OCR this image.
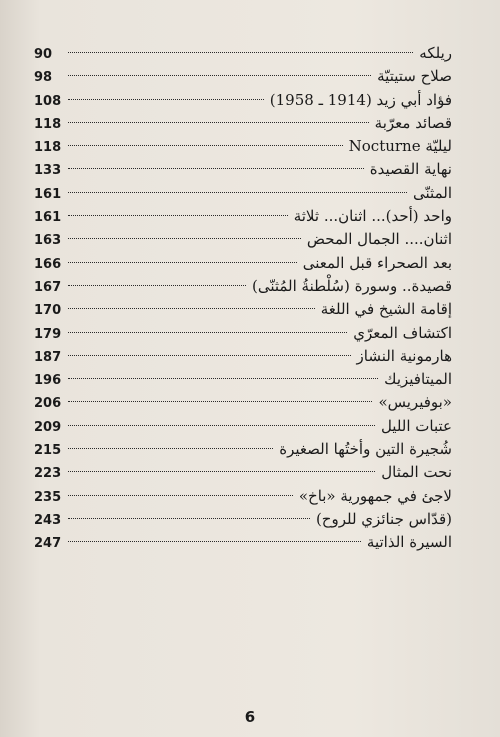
ريلكه
90
صلاح ستيتيّة
98
فؤاد أبي زيد (1914 ـ 1958)
108
قصائد معرّبة
118
ليليّة Nocturne
118
نهاية القصيدة
133
المثنّى
161
واحد (أحد)... اثنان... ثلاثة
161
اثنان.... الجمال المحض
163
بعد الصحراء قبل المعنى
166
قصيدة.. وسورة (سُلْطنةُ المُثنّى)
167
إقامة الشيخ في اللغة
170
اكتشاف المعرّي
179
هارمونية النشاز
187
الميتافيزيك
196
«بوفيريس»
206
عتبات الليل
209
شُجيرة التين وأختُها الصغيرة
215
نحت المثال
223
لاجئ في جمهورية «باخ»
235
(قدّاس جنائزي للروح)
243
السيرة الذاتية
247
6
